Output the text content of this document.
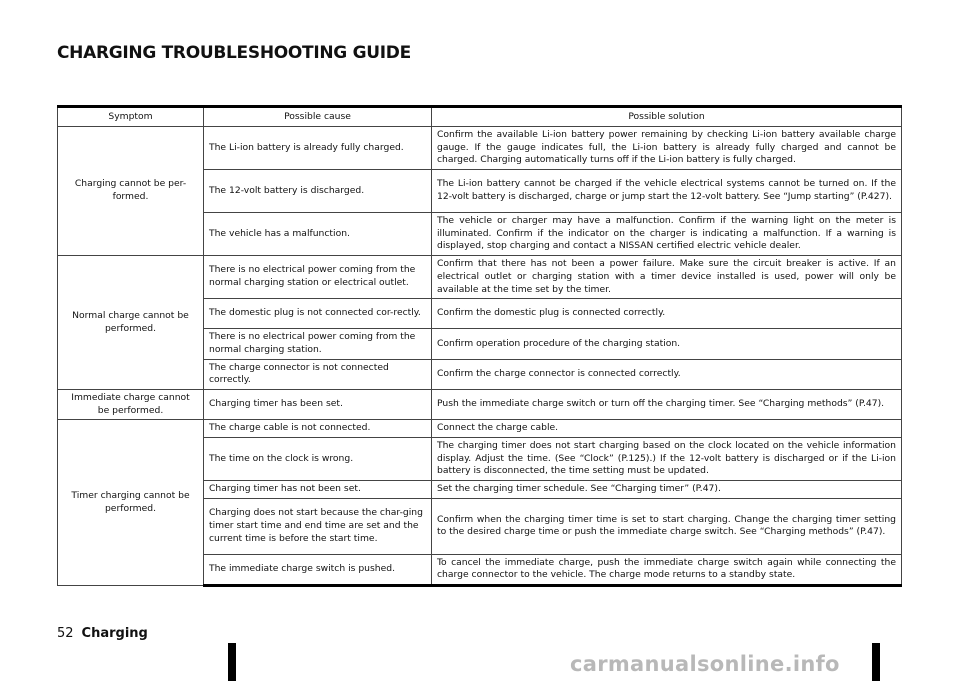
CHARGING TROUBLESHOOTING GUIDE
Symptom	Possible cause	Possible solution

Charging cannot be per-
formed.	The Li-ion battery is already fully charged.	Confirm the available Li-ion battery power remaining by checking Li-ion battery available charge gauge. If the gauge indicates full, the Li-ion battery is already fully charged and cannot be charged. Charging automatically turns off if the Li-ion battery is fully charged.
	The 12-volt battery is discharged.	The Li-ion battery cannot be charged if the vehicle electrical systems cannot be turned on. If the 12-volt battery is discharged, charge or jump start the 12-volt battery. See “Jump starting” (P.427).
	The vehicle has a malfunction.	The vehicle or charger may have a malfunction. Confirm if the warning light on the meter is illuminated. Confirm if the indicator on the charger is indicating a malfunction. If a warning is displayed, stop charging and contact a NISSAN certified electric vehicle dealer.

Normal charge cannot be
performed.	There is no electrical power coming from the normal charging station or electrical outlet.	Confirm that there has not been a power failure. Make sure the circuit breaker is active. If an electrical outlet or charging station with a timer device installed is used, power will only be available at the time set by the timer.
	The domestic plug is not connected cor-rectly.	Confirm the domestic plug is connected correctly.
	There is no electrical power coming from the normal charging station.	Confirm operation procedure of the charging station.
	The charge connector is not connected correctly.	Confirm the charge connector is connected correctly.

Immediate charge cannot
be performed.	Charging timer has been set.	Push the immediate charge switch or turn off the charging timer. See “Charging methods” (P.47).

Timer charging cannot be
performed.	The charge cable is not connected.	Connect the charge cable.
	The time on the clock is wrong.	The charging timer does not start charging based on the clock located on the vehicle information display. Adjust the time. (See “Clock” (P.125).) If the 12-volt battery is discharged or if the Li-ion battery is disconnected, the time setting must be updated.
	Charging timer has not been set.	Set the charging timer schedule. See “Charging timer” (P.47).
	Charging does not start because the char-ging timer start time and end time are set and the current time is before the start time.	Confirm when the charging timer time is set to start charging. Change the charging timer setting to the desired charge time or push the immediate charge switch. See “Charging methods” (P.47).
	The immediate charge switch is pushed.	To cancel the immediate charge, push the immediate charge switch again while connecting the charge connector to the vehicle. The charge mode returns to a standby state.
52 Charging
carmanualsonline.info
